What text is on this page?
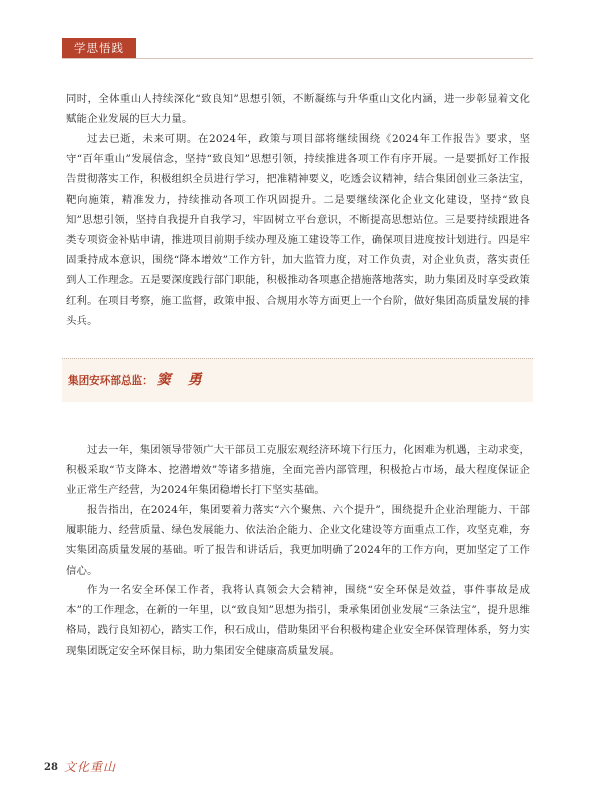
学思悟践

同时，全体重山人持续深化“致良知”思想引领，不断凝练与升华重山文化内涵，进一步彰显着文化赋能企业发展的巨大力量。

过去已逝，未来可期。在2024年，政策与项目部将继续围绕《2024年工作报告》要求，坚守“百年重山”发展信念，坚持“致良知”思想引领，持续推进各项工作有序开展。一是要抓好工作报告贯彻落实工作，积极组织全员进行学习，把准精神要义，吃透会议精神，结合集团创业三条法宝，靶向施策，精准发力，持续推动各项工作巩固提升。二是要继续深化企业文化建设，坚持“致良知”思想引领，坚持自我提升自我学习，牢固树立平台意识，不断提高思想站位。三是要持续跟进各类专项资金补贴申请，推进项目前期手续办理及施工建设等工作，确保项目进度按计划进行。四是牢固秉持成本意识，围绕“降本增效”工作方针，加大监管力度，对工作负责，对企业负责，落实责任到人工作理念。五是要深度践行部门职能，积极推动各项惠企措施落地落实，助力集团及时享受政策红利。在项目考察，施工监督，政策申报、合规用水等方面更上一个台阶，做好集团高质量发展的排头兵。

集团安环部总监： 窦 勇

过去一年，集团领导带领广大干部员工克服宏观经济环境下行压力，化困难为机遇，主动求变，积极采取“节支降本、挖潜增效”等诸多措施，全面完善内部管理，积极抢占市场，最大程度保证企业正常生产经营，为2024年集团稳增长打下坚实基础。

报告指出，在2024年，集团要着力落实“六个聚焦、六个提升”，围绕提升企业治理能力、干部履职能力、经营质量、绿色发展能力、依法治企能力、企业文化建设等方面重点工作，攻坚克难，夯实集团高质量发展的基础。听了报告和讲话后，我更加明确了2024年的工作方向，更加坚定了工作信心。

作为一名安全环保工作者，我将认真领会大会精神，围绕“安全环保是效益，事件事故是成本”的工作理念，在新的一年里，以“致良知”思想为指引，秉承集团创业发展“三条法宝”，提升思维格局，践行良知初心，踏实工作，积石成山，借助集团平台积极构建企业安全环保管理体系，努力实现集团既定安全环保目标，助力集团安全健康高质量发展。

28 文化重山
